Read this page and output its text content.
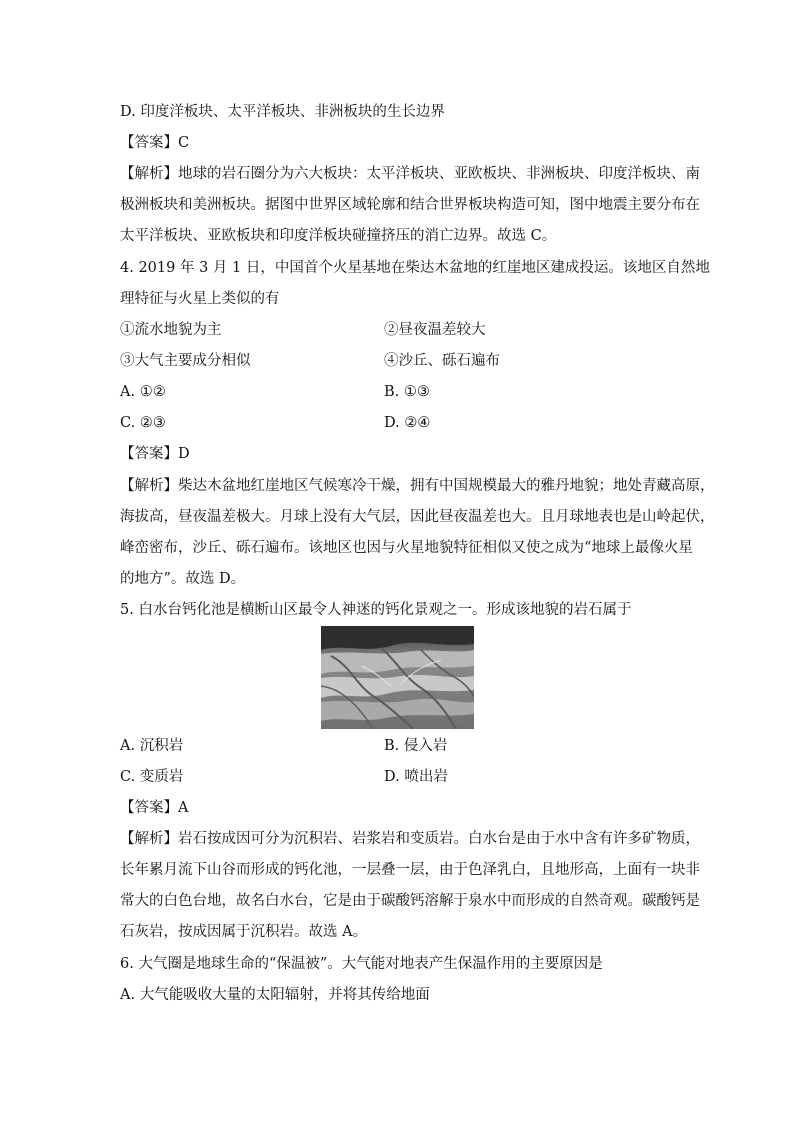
D. 印度洋板块、太平洋板块、非洲板块的生长边界
【答案】C
【解析】地球的岩石圈分为六大板块：太平洋板块、亚欧板块、非洲板块、印度洋板块、南
极洲板块和美洲板块。据图中世界区域轮廓和结合世界板块构造可知，图中地震主要分布在
太平洋板块、亚欧板块和印度洋板块碰撞挤压的消亡边界。故选 C。
4. 2019 年 3 月 1 日，中国首个火星基地在柴达木盆地的红崖地区建成投运。该地区自然地
理特征与火星上类似的有
①流水地貌为主	②昼夜温差较大
③大气主要成分相似	④沙丘、砾石遍布
A. ①②	B. ①③
C. ②③	D. ②④
【答案】D
【解析】柴达木盆地红崖地区气候寒冷干燥，拥有中国规模最大的雅丹地貌；地处青藏高原，
海拔高，昼夜温差极大。月球上没有大气层，因此昼夜温差也大。且月球地表也是山岭起伏，
峰峦密布，沙丘、砾石遍布。该地区也因与火星地貌特征相似又使之成为“地球上最像火星
的地方”。故选 D。
5. 白水台钙化池是横断山区最令人神迷的钙化景观之一。形成该地貌的岩石属于
A. 沉积岩	B. 侵入岩
C. 变质岩	D. 喷出岩
【答案】A
【解析】岩石按成因可分为沉积岩、岩浆岩和变质岩。白水台是由于水中含有许多矿物质，
长年累月流下山谷而形成的钙化池，一层叠一层，由于色泽乳白，且地形高，上面有一块非
常大的白色台地，故名白水台，它是由于碳酸钙溶解于泉水中而形成的自然奇观。碳酸钙是
石灰岩，按成因属于沉积岩。故选 A。
6. 大气圈是地球生命的“保温被”。大气能对地表产生保温作用的主要原因是
A. 大气能吸收大量的太阳辐射，并将其传给地面
